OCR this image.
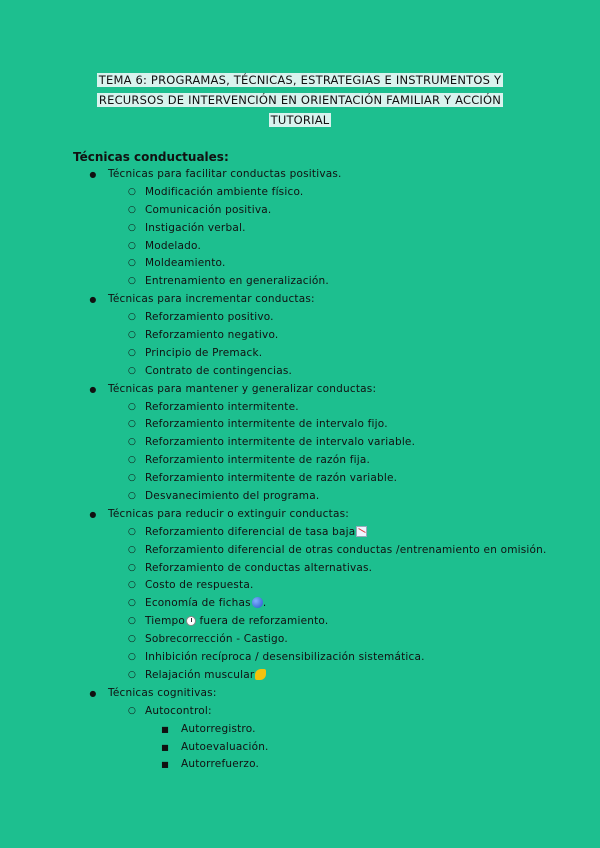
TEMA 6: PROGRAMAS, TÉCNICAS, ESTRATEGIAS E INSTRUMENTOS Y RECURSOS DE INTERVENCIÓN EN ORIENTACIÓN FAMILIAR Y ACCIÓN TUTORIAL
Técnicas conductuales:
● Técnicas para facilitar conductas positivas.
○ Modificación ambiente físico.
○ Comunicación positiva.
○ Instigación verbal.
○ Modelado.
○ Moldeamiento.
○ Entrenamiento en generalización.
● Técnicas para incrementar conductas:
○ Reforzamiento positivo.
○ Reforzamiento negativo.
○ Principio de Premack.
○ Contrato de contingencias.
● Técnicas para mantener y generalizar conductas:
○ Reforzamiento intermitente.
○ Reforzamiento intermitente de intervalo fijo.
○ Reforzamiento intermitente de intervalo variable.
○ Reforzamiento intermitente de razón fija.
○ Reforzamiento intermitente de razón variable.
○ Desvanecimiento del programa.
● Técnicas para reducir o extinguir conductas:
○ Reforzamiento diferencial de tasa baja
○ Reforzamiento diferencial de otras conductas /entrenamiento en omisión.
○ Reforzamiento de conductas alternativas.
○ Costo de respuesta.
○ Economía de fichas .
○ Tiempo fuera de reforzamiento.
○ Sobrecorrección - Castigo.
○ Inhibición recíproca / desensibilización sistemática.
○ Relajación muscular
● Técnicas cognitivas:
○ Autocontrol:
■ Autorregistro.
■ Autoevaluación.
■ Autorrefuerzo.
